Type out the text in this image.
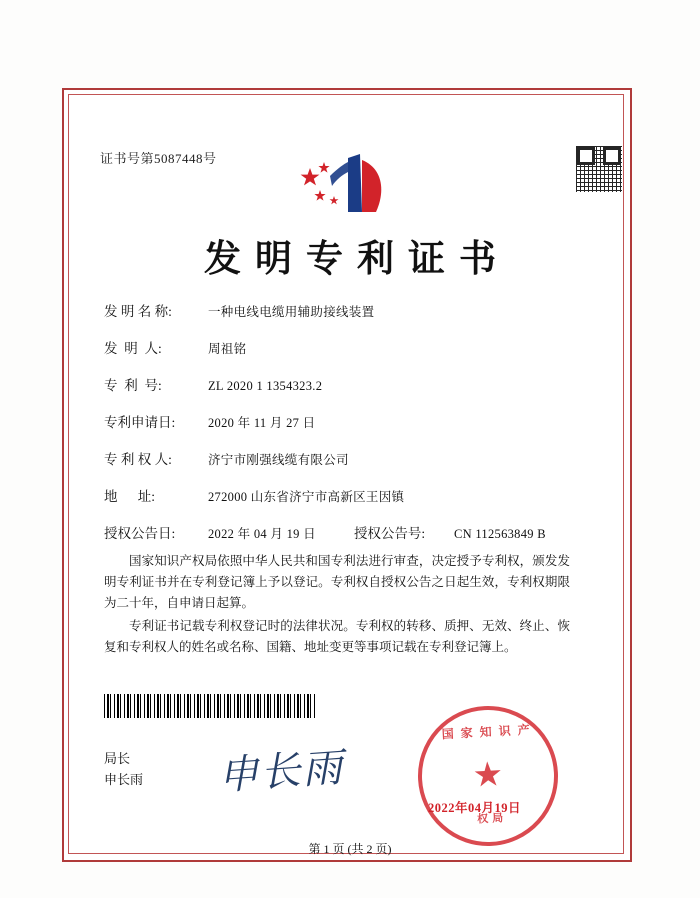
证书号第5087448号
发明专利证书
发 明 名 称:	一种电线电缆用辅助接线装置
发  明  人:	周祖铭
专  利  号:	ZL 2020 1 1354323.2
专利申请日:	2020 年 11 月 27 日
专 利 权 人:	济宁市刚强线缆有限公司
地      址:	272000 山东省济宁市高新区王因镇
授权公告日:	2022 年 04 月 19 日	授权公告号:	CN 112563849 B

国家知识产权局依照中华人民共和国专利法进行审查，决定授予专利权，颁发发明专利证书并在专利登记簿上予以登记。专利权自授权公告之日起生效，专利权期限为二十年，自申请日起算。

专利证书记载专利权登记时的法律状况。专利权的转移、质押、无效、终止、恢复和专利权人的姓名或名称、国籍、地址变更等事项记载在专利登记簿上。

局长
申长雨 申长雨
国家知识产
★
权局
2022年04月19日
第 1 页 (共 2 页)
